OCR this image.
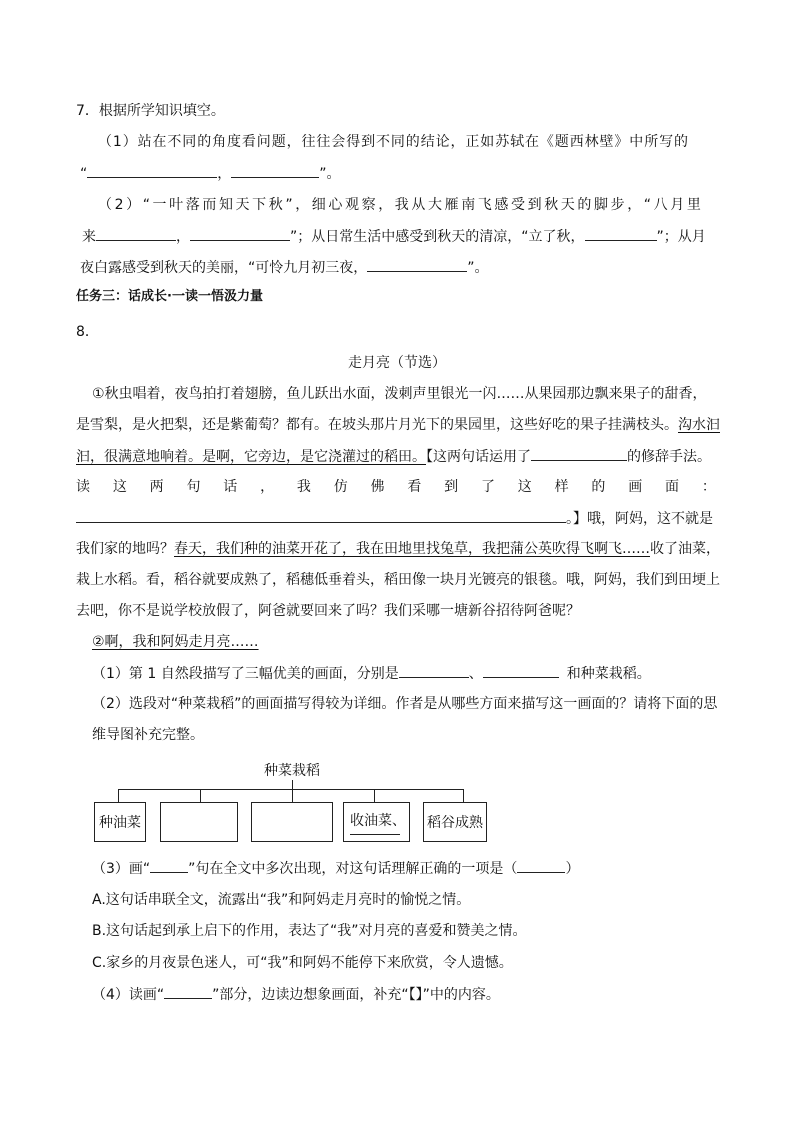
7．根据所学知识填空。
（1）站在不同的角度看问题，往往会得到不同的结论，正如苏轼在《题西林壁》中所写的
“	，	”。
（2）“一叶落而知天下秋”，细心观察，我从大雁南飞感受到秋天的脚步，“八月里
来	，	”；从日常生活中感受到秋天的清凉，“立了秋，	”；从月
夜白露感受到秋天的美丽，“可怜九月初三夜，	”。
任务三：话成长·一读一悟汲力量
8．
走月亮（节选）
①秋虫唱着，夜鸟拍打着翅膀，鱼儿跃出水面，泼刺声里银光一闪……从果园那边飘来果子的甜香，
是雪梨，是火把梨，还是紫葡萄？都有。在坡头那片月光下的果园里，这些好吃的果子挂满枝头。沟水汩
汩，很满意地响着。是啊，它旁边，是它浇灌过的稻田。【这两句话运用了	的修辞手法。
读 这 两 句 话 ， 我 仿 佛 看 到 了 这 样 的 画 面 ：
。】哦，阿妈，这不就是
我们家的地吗？春天，我们种的油菜开花了，我在田地里找兔草，我把蒲公英吹得飞啊飞……收了油菜，
栽上水稻。看，稻谷就要成熟了，稻穗低垂着头，稻田像一块月光镀亮的银毯。哦，阿妈，我们到田埂上
去吧，你不是说学校放假了，阿爸就要回来了吗？我们采哪一塘新谷招待阿爸呢？
②啊，我和阿妈走月亮……
（1）第 1 自然段描写了三幅优美的画面，分别是	、	和种菜栽稻。
（2）选段对“种菜栽稻”的画面描写得较为详细。作者是从哪些方面来描写这一画面的？请将下面的思
维导图补充完整。
种菜栽稻
种油菜	收油菜、 稻谷成熟
（3）画“	”句在全文中多次出现，对这句话理解正确的一项是（	）
A.这句话串联全文，流露出“我”和阿妈走月亮时的愉悦之情。
B.这句话起到承上启下的作用，表达了“我”对月亮的喜爱和赞美之情。
C.家乡的月夜景色迷人，可“我”和阿妈不能停下来欣赏，令人遗憾。
（4）读画“	”部分，边读边想象画面，补充“【】”中的内容。
